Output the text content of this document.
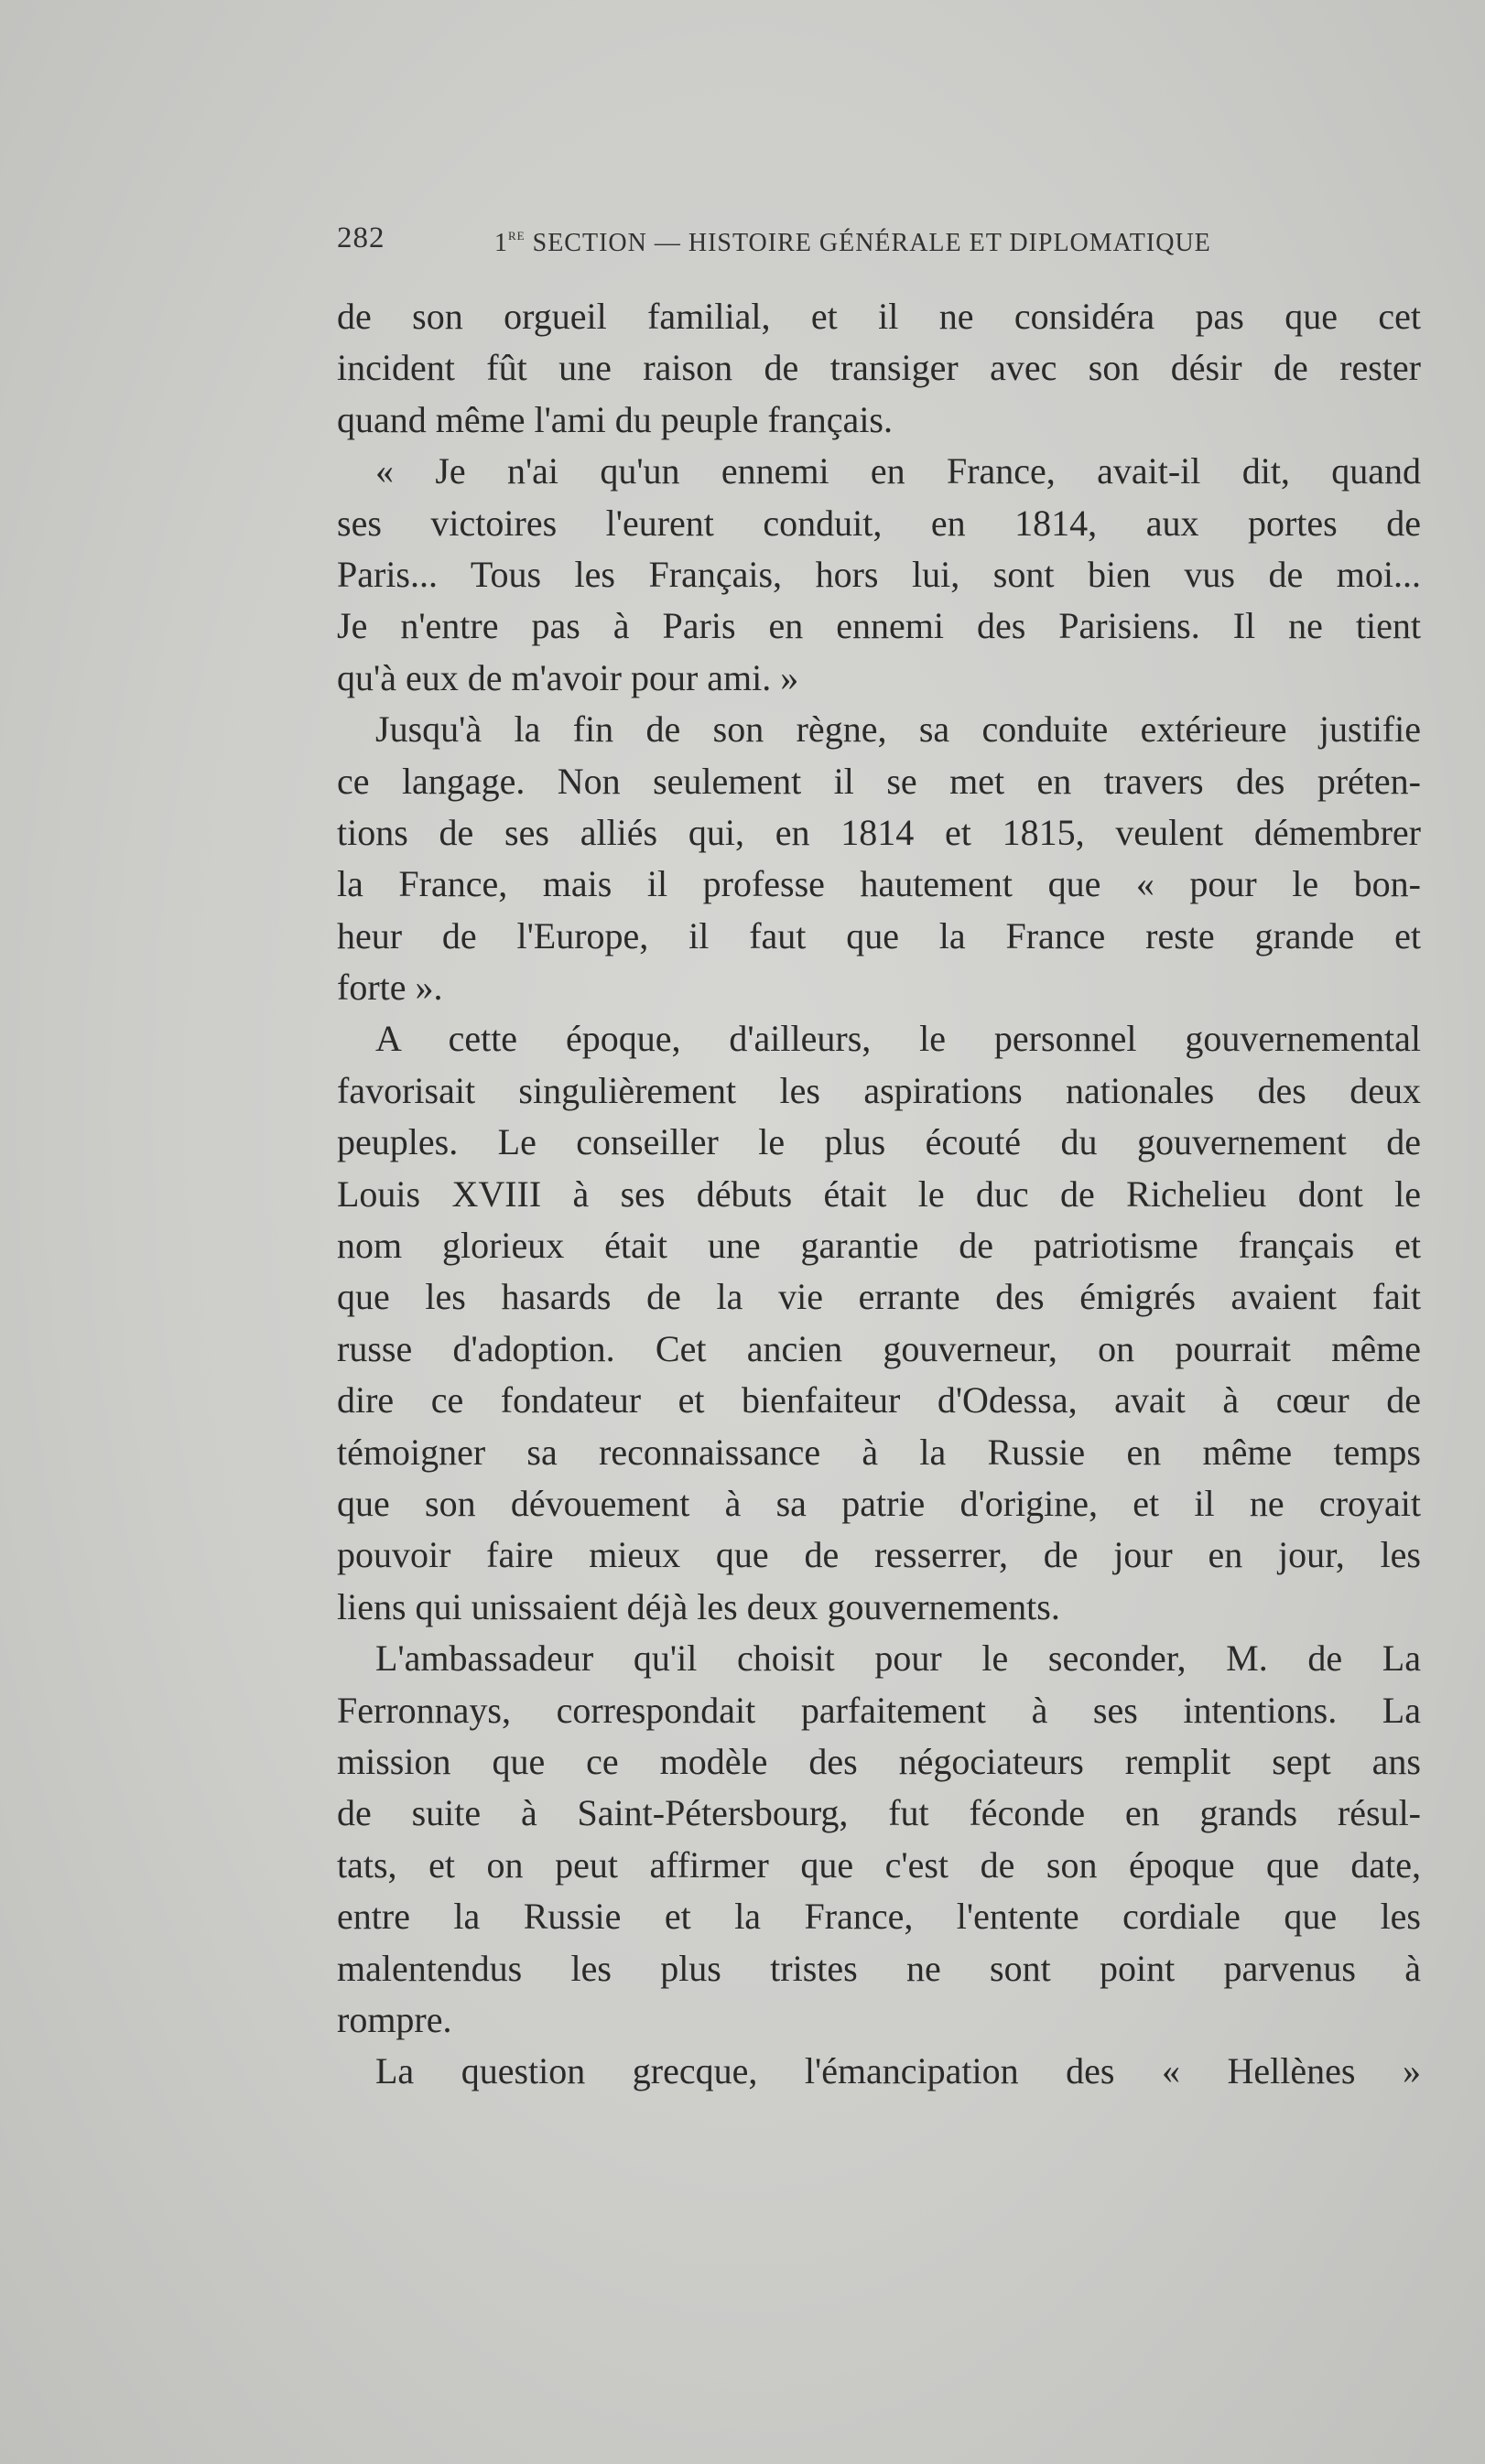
282	1re SECTION — HISTOIRE GÉNÉRALE ET DIPLOMATIQUE
de son orgueil familial, et il ne considéra pas que cet
incident fût une raison de transiger avec son désir de rester
quand même l'ami du peuple français.
« Je n'ai qu'un ennemi en France, avait-il dit, quand
ses victoires l'eurent conduit, en 1814, aux portes de
Paris... Tous les Français, hors lui, sont bien vus de moi...
Je n'entre pas à Paris en ennemi des Parisiens. Il ne tient
qu'à eux de m'avoir pour ami. »
Jusqu'à la fin de son règne, sa conduite extérieure justifie
ce langage. Non seulement il se met en travers des préten-
tions de ses alliés qui, en 1814 et 1815, veulent démembrer
la France, mais il professe hautement que « pour le bon-
heur de l'Europe, il faut que la France reste grande et
forte ».
A cette époque, d'ailleurs, le personnel gouvernemental
favorisait singulièrement les aspirations nationales des deux
peuples. Le conseiller le plus écouté du gouvernement de
Louis XVIII à ses débuts était le duc de Richelieu dont le
nom glorieux était une garantie de patriotisme français et
que les hasards de la vie errante des émigrés avaient fait
russe d'adoption. Cet ancien gouverneur, on pourrait même
dire ce fondateur et bienfaiteur d'Odessa, avait à cœur de
témoigner sa reconnaissance à la Russie en même temps
que son dévouement à sa patrie d'origine, et il ne croyait
pouvoir faire mieux que de resserrer, de jour en jour, les
liens qui unissaient déjà les deux gouvernements.
L'ambassadeur qu'il choisit pour le seconder, M. de La
Ferronnays, correspondait parfaitement à ses intentions. La
mission que ce modèle des négociateurs remplit sept ans
de suite à Saint-Pétersbourg, fut féconde en grands résul-
tats, et on peut affirmer que c'est de son époque que date,
entre la Russie et la France, l'entente cordiale que les
malentendus les plus tristes ne sont point parvenus à
rompre.
La question grecque, l'émancipation des « Hellènes »
